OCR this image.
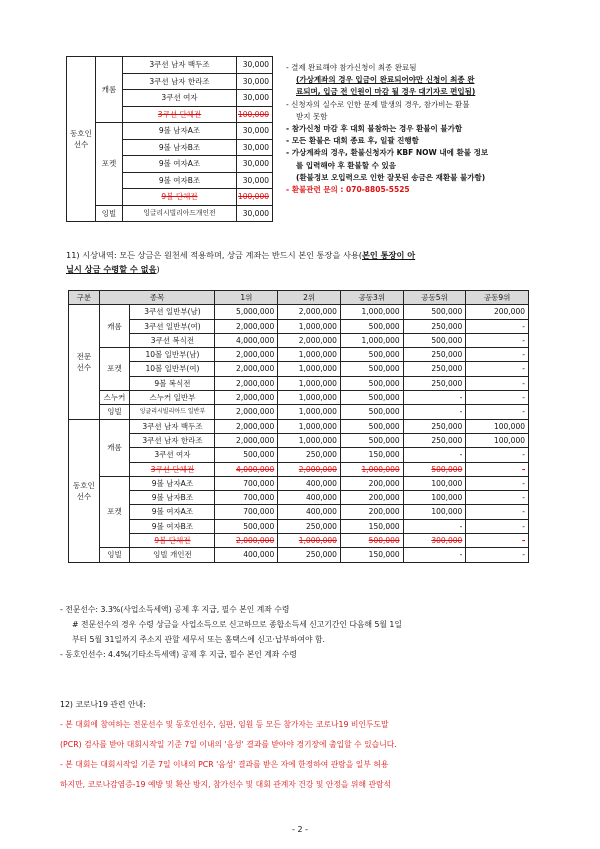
동호인
선수	캐롬	3쿠션 남자 백두조	30,000
		3쿠션 남자 한라조	30,000
		3쿠션 여자	30,000
		3쿠션 단체전	100,000
	포켓	9볼 남자A조	30,000
		9볼 남자B조	30,000
		9볼 여자A조	30,000
		9볼 여자B조	30,000
		9볼 단체전	100,000
	잉빌	잉글리시빌리아드개인전	30,000
- 결제 완료해야 참가신청이 최종 완료됨
(가상계좌의 경우 입금이 완료되어야만 신청이 최종 완
료되며, 입금 전 인원이 마감 될 경우 대기자로 편입됨)
- 신청자의 실수로 인한 문제 발생의 경우, 참가비는 환불
받지 못함
- 참가신청 마감 후 대회 불참하는 경우 환불이 불가함
- 모든 환불은 대회 종료 후, 일괄 진행함
- 가상계좌의 경우, 환불신청자가 KBF NOW 내에 환불 정보
를 입력해야 후 환불할 수 있음
(환불정보 오입력으로 인한 잘못된 송금은 재환불 불가함)
- 환불관련 문의 : 070-8805-5525
11) 시상내역: 모든 상금은 원천세 적용하며, 상금 계좌는 반드시 본인 통장을 사용(본인 통장이 아
닐시 상금 수령할 수 없음)
구분	종목		1위	2위	공동3위	공동5위	공동9위
전문
선수	캐롬	3쿠션 일반부(남)	5,000,000	2,000,000	1,000,000	500,000	200,000
		3쿠션 일반부(여)	2,000,000	1,000,000	500,000	250,000	-
		3쿠션 복식전	4,000,000	2,000,000	1,000,000	500,000	-
	포켓	10볼 일반부(남)	2,000,000	1,000,000	500,000	250,000	-
		10볼 일반부(여)	2,000,000	1,000,000	500,000	250,000	-
		9볼 복식전	2,000,000	1,000,000	500,000	250,000	-
	스누커	스누커 일반부	2,000,000	1,000,000	500,000	-	-
	잉빌	잉글리시빌리아드 일반부	2,000,000	1,000,000	500,000	-	-
동호인
선수	캐롬	3쿠션 남자 백두조	2,000,000	1,000,000	500,000	250,000	100,000
		3쿠션 남자 한라조	2,000,000	1,000,000	500,000	250,000	100,000
		3쿠션 여자	500,000	250,000	150,000	-	-
		3쿠션 단체전	4,000,000	2,000,000	1,000,000	500,000	-
	포켓	9볼 남자A조	700,000	400,000	200,000	100,000	-
		9볼 남자B조	700,000	400,000	200,000	100,000	-
		9볼 여자A조	700,000	400,000	200,000	100,000	-
		9볼 여자B조	500,000	250,000	150,000	-	-
		9볼 단체전	2,000,000	1,000,000	500,000	300,000	-
	잉빌	잉빌 개인전	400,000	250,000	150,000	-	-
- 전문선수: 3.3%(사업소득세액) 공제 후 지급, 필수 본인 계좌 수령
# 전문선수의 경우 수령 상금을 사업소득으로 신고하므로 종합소득세 신고기간인 다음해 5월 1일
부터 5월 31일까지 주소지 관할 세무서 또는 홈택스에 신고·납부하여야 함.
- 동호인선수: 4.4%(기타소득세액) 공제 후 지급, 필수 본인 계좌 수령
12) 코로나19 관련 안내:
- 본 대회에 참여하는 전문선수 및 동호인선수, 심판, 임원 등 모든 참가자는 코로나19 비인두도말
(PCR) 검사를 받아 대회시작일 기준 7일 이내의 '음성' 결과를 받아야 경기장에 출입할 수 있습니다.
- 본 대회는 대회시작일 기준 7일 이내의 PCR '음성' 결과를 받은 자에 한정하여 관람을 일부 허용
하지만, 코로나감염증-19 예방 및 확산 방지, 참가선수 및 대회 관계자 건강 및 안정을 위해 관람석
- 2 -
